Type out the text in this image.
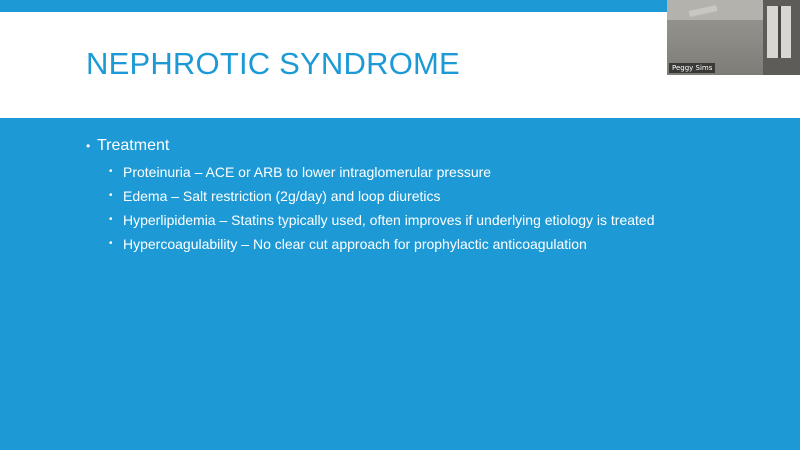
NEPHROTIC SYNDROME
• Treatment
• Proteinuria – ACE or ARB to lower intraglomerular pressure
• Edema – Salt restriction (2g/day) and loop diuretics
• Hyperlipidemia – Statins typically used, often improves if underlying etiology is treated
• Hypercoagulability – No clear cut approach for prophylactic anticoagulation
Peggy Sims
